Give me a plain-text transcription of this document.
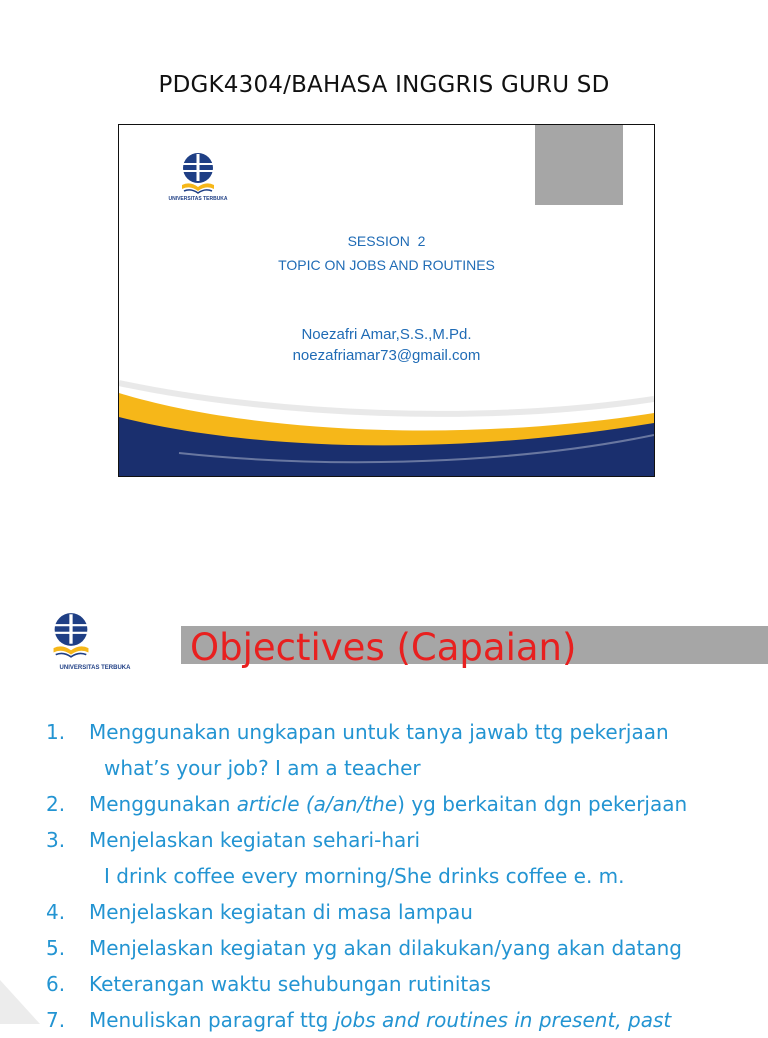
PDGK4304/BAHASA INGGRIS GURU SD
UNIVERSITAS TERBUKA
SESSION  2
TOPIC ON JOBS AND ROUTINES
Noezafri Amar,S.S.,M.Pd.
noezafriamar73@gmail.com
UNIVERSITAS TERBUKA Objectives (Capaian)
1. Menggunakan ungkapan untuk tanya jawab ttg pekerjaan
what’s your job? I am a teacher
2. Menggunakan article (a/an/the) yg berkaitan dgn pekerjaan
3. Menjelaskan kegiatan sehari-hari
I drink coffee every morning/She drinks coffee e. m.
4. Menjelaskan kegiatan di masa lampau
5. Menjelaskan kegiatan yg akan dilakukan/yang akan datang
6. Keterangan waktu sehubungan rutinitas
7. Menuliskan paragraf ttg jobs and routines in present, past
